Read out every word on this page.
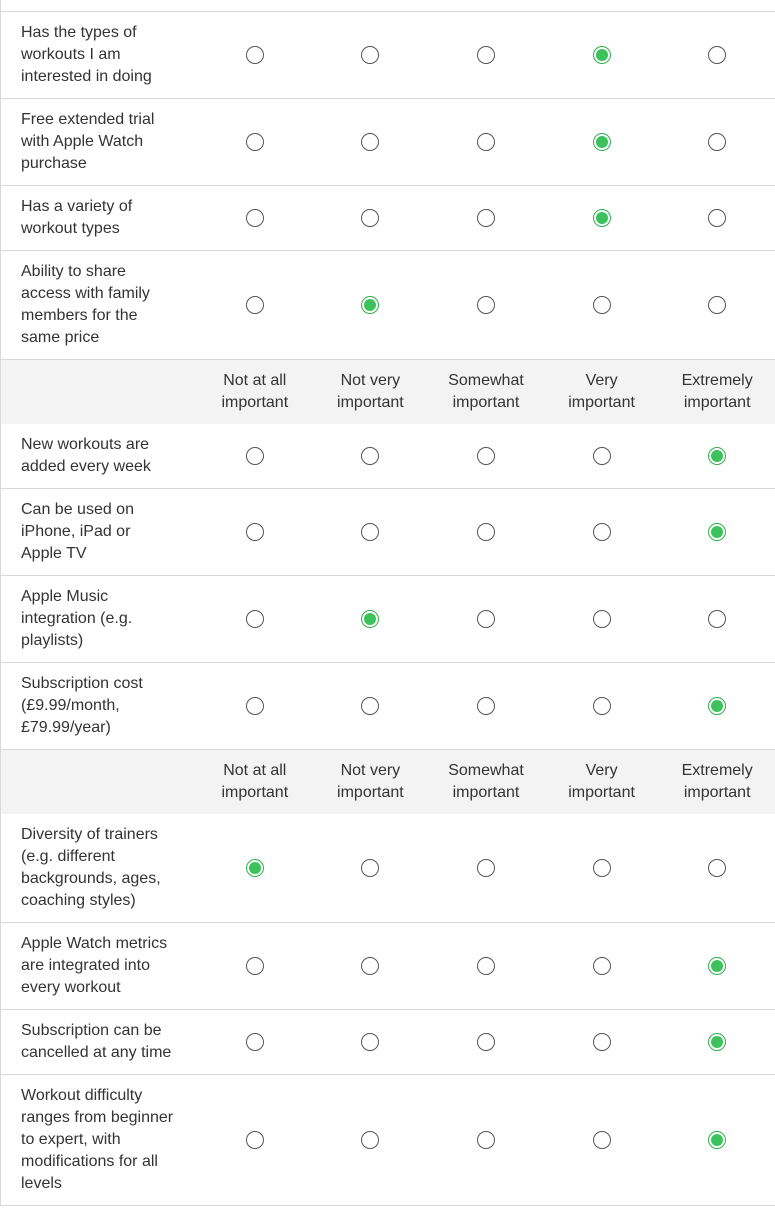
Has the types of
workouts I am
interested in doing
Free extended trial
with Apple Watch
purchase
Has a variety of
workout types
Ability to share
access with family
members for the
same price
Not at all
important
Not very
important
Somewhat
important
Very
important
Extremely
important
New workouts are
added every week
Can be used on
iPhone, iPad or
Apple TV
Apple Music
integration (e.g.
playlists)
Subscription cost
(£9.99/month,
£79.99/year)
Not at all
important
Not very
important
Somewhat
important
Very
important
Extremely
important
Diversity of trainers
(e.g. different
backgrounds, ages,
coaching styles)
Apple Watch metrics
are integrated into
every workout
Subscription can be
cancelled at any time
Workout difficulty
ranges from beginner
to expert, with
modifications for all
levels
